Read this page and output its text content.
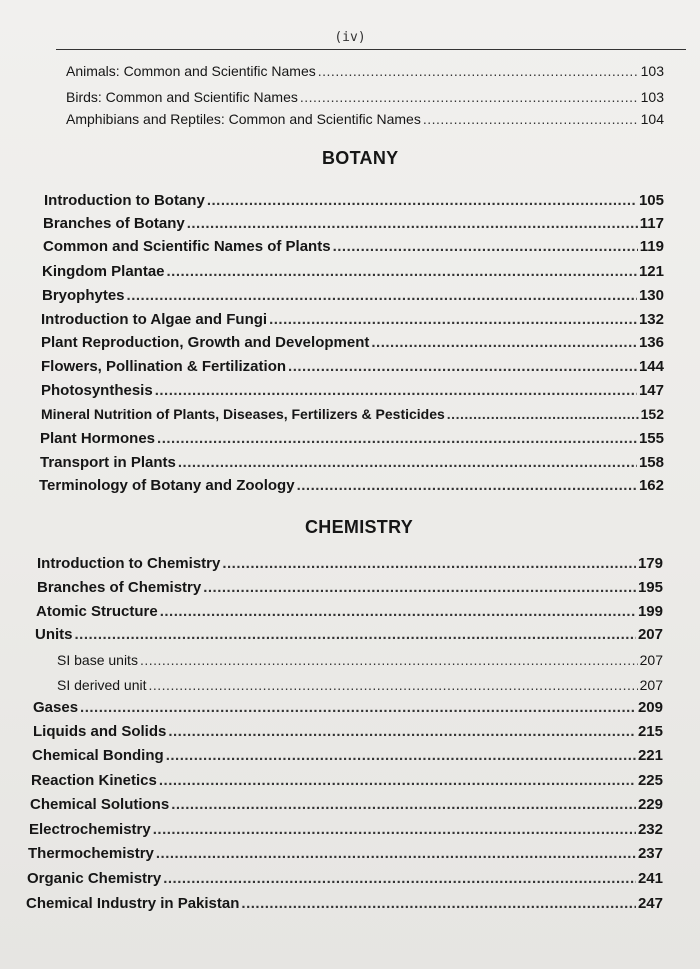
(iv)
Animals: Common and Scientific Names .....	103
Birds: Common and Scientific Names .....	103
Amphibians and Reptiles: Common and Scientific Names .....	104
BOTANY
Introduction to Botany .....	105
Branches of Botany .....	117
Common and Scientific Names of Plants .....	119
Kingdom Plantae .....	121
Bryophytes .....	130
Introduction to Algae and Fungi .....	132
Plant Reproduction, Growth and Development .....	136
Flowers, Pollination & Fertilization .....	144
Photosynthesis .....	147
Mineral Nutrition of Plants, Diseases, Fertilizers & Pesticides .....	152
Plant Hormones .....	155
Transport in Plants .....	158
Terminology of Botany and Zoology .....	162
CHEMISTRY
Introduction to Chemistry .....	179
Branches of Chemistry .....	195
Atomic Structure .....	199
Units .....	207
SI base units .....	207
SI derived unit .....	207
Gases .....	209
Liquids and Solids .....	215
Chemical Bonding .....	221
Reaction Kinetics .....	225
Chemical Solutions .....	229
Electrochemistry .....	232
Thermochemistry .....	237
Organic Chemistry .....	241
Chemical Industry in Pakistan .....	247
